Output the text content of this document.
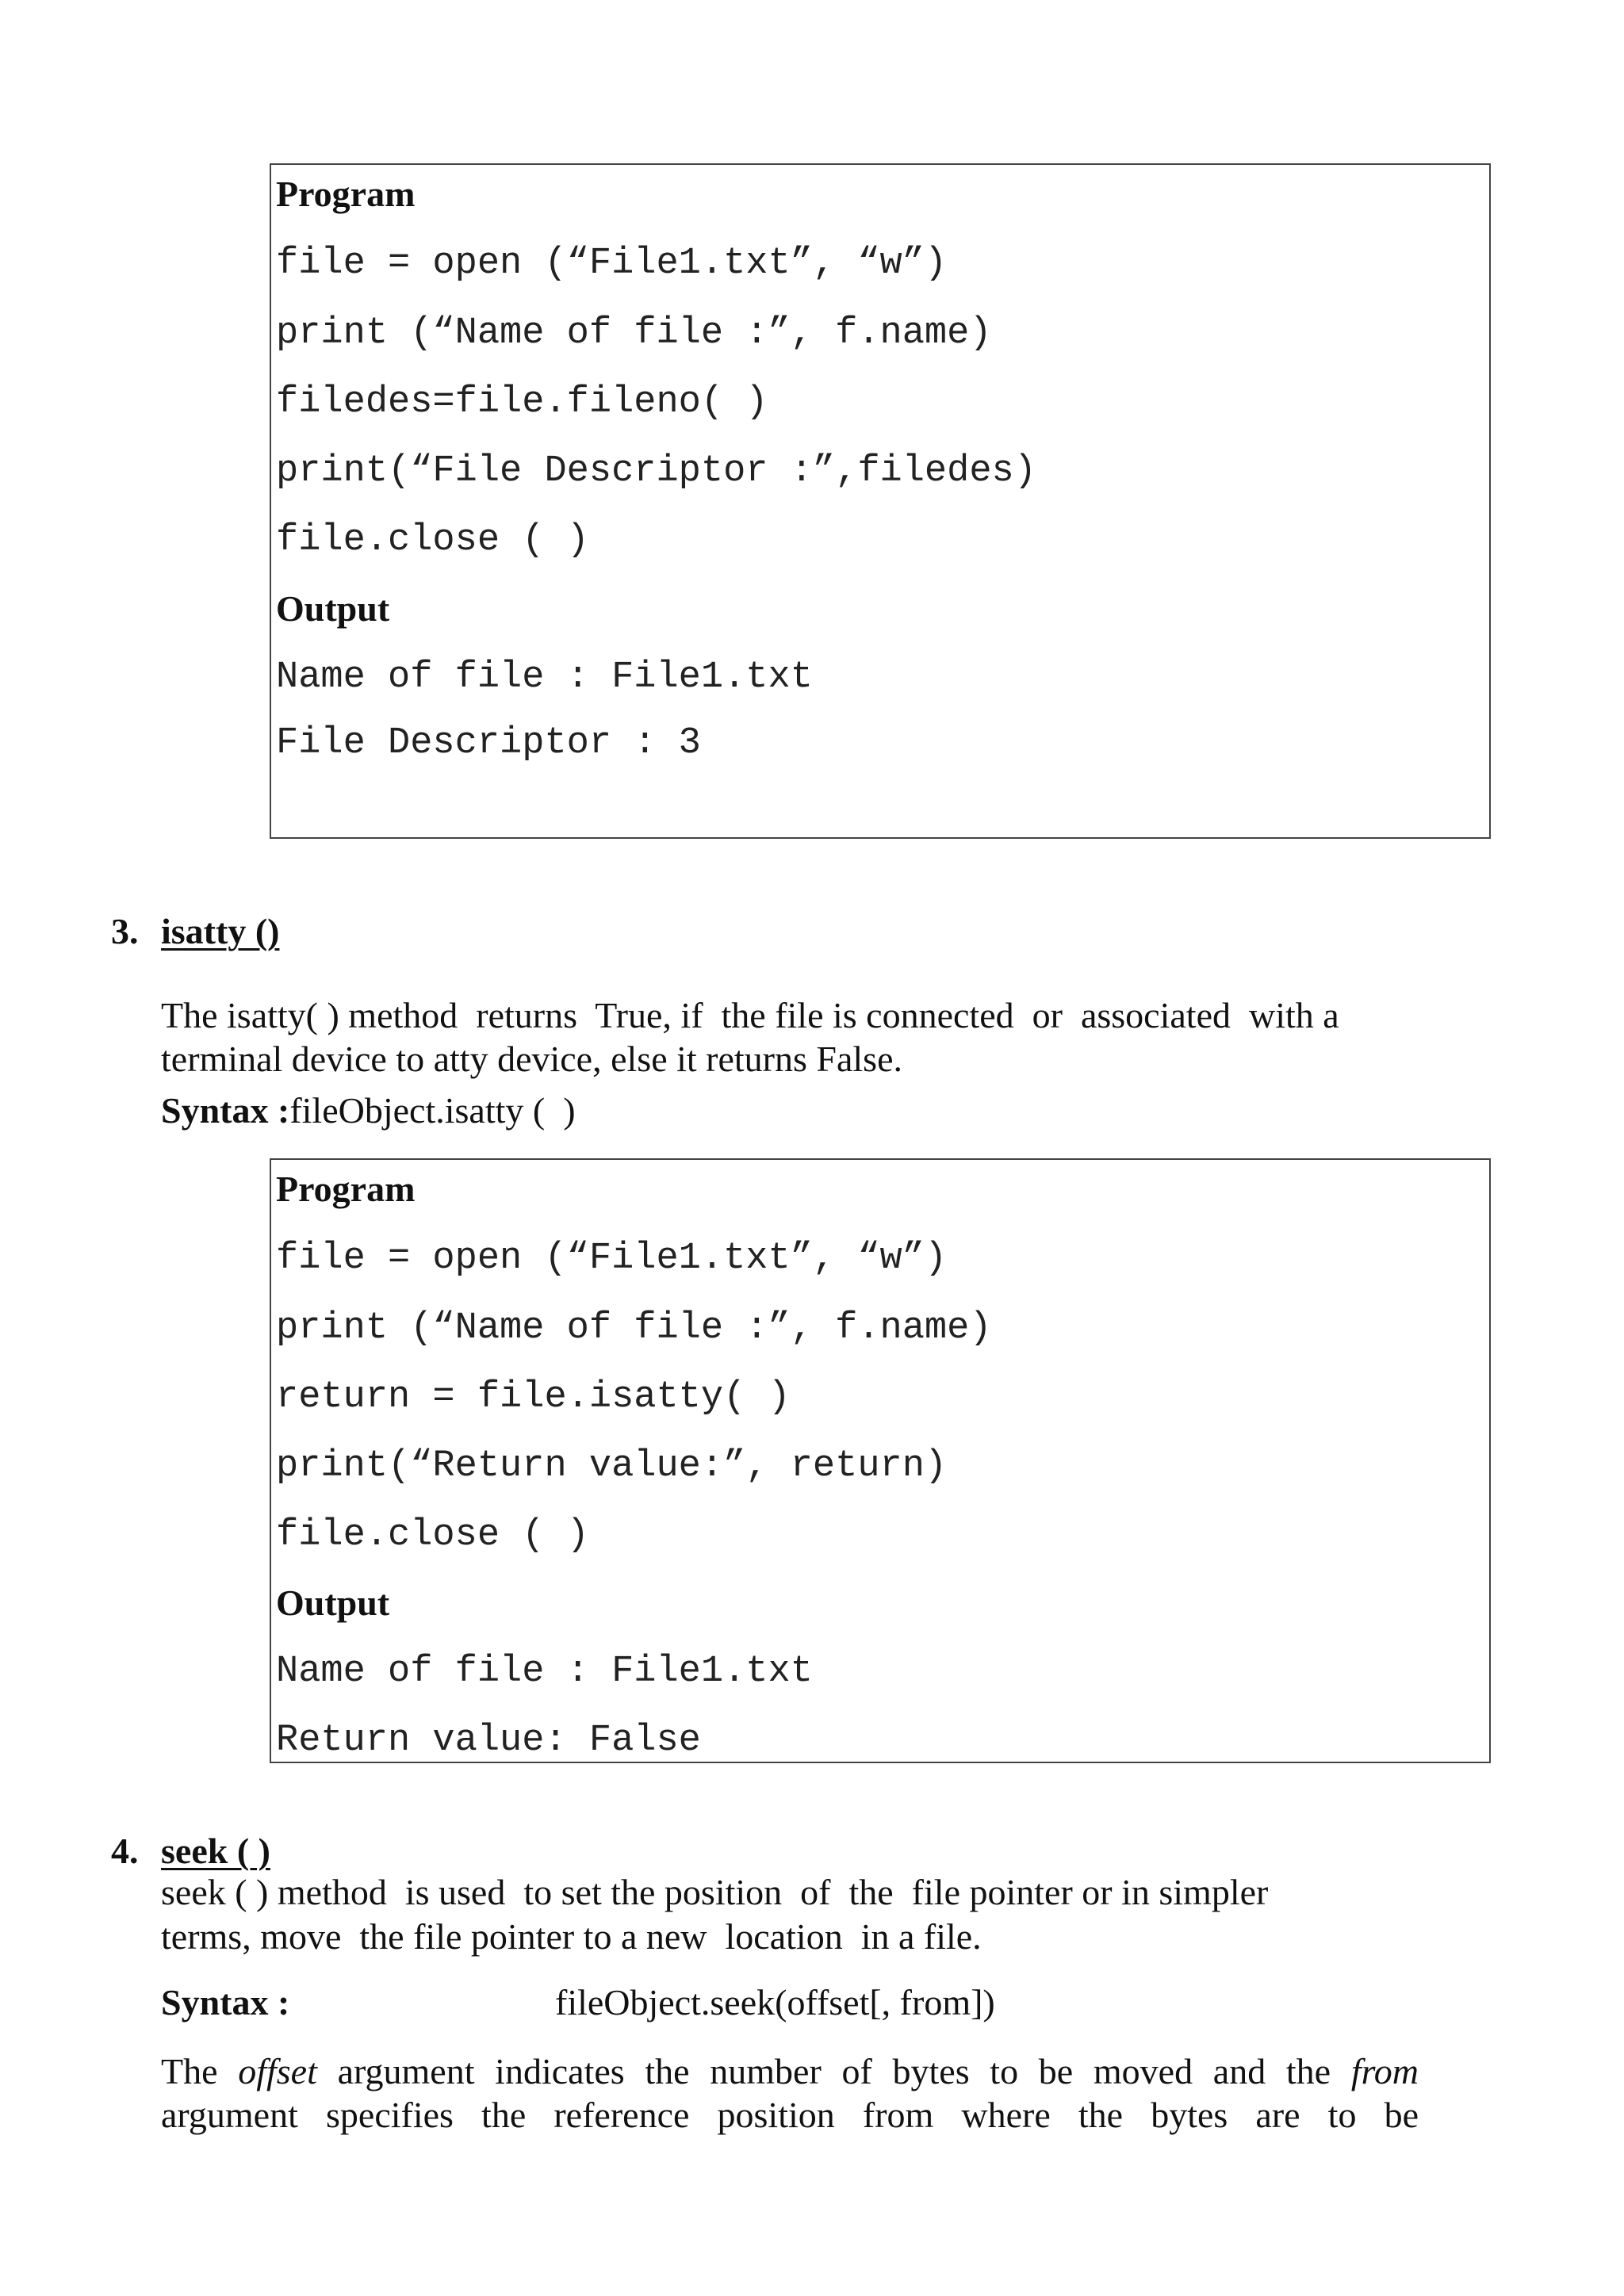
Program
file = open (“File1.txt”, “w”)
print (“Name of file :”, f.name)
filedes=file.fileno( )
print(“File Descriptor :”,filedes)
file.close ( )
Output
Name of file : File1.txt
File Descriptor : 3
3. isatty ()
The isatty( ) method  returns  True, if  the file is connected  or  associated  with a
terminal device to atty device, else it returns False.
Syntax :fileObject.isatty (  )
Program
file = open (“File1.txt”, “w”)
print (“Name of file :”, f.name)
return = file.isatty( )
print(“Return value:”, return)
file.close ( )
Output
Name of file : File1.txt
Return value: False
4. seek ( )
seek ( ) method  is used  to set the position  of  the  file pointer or in simpler
terms, move  the file pointer to a new  location  in a file.
Syntax :	fileObject.seek(offset[, from])
The offset argument indicates the number of bytes to be moved and the from
argument specifies the reference position from where the bytes are to be
